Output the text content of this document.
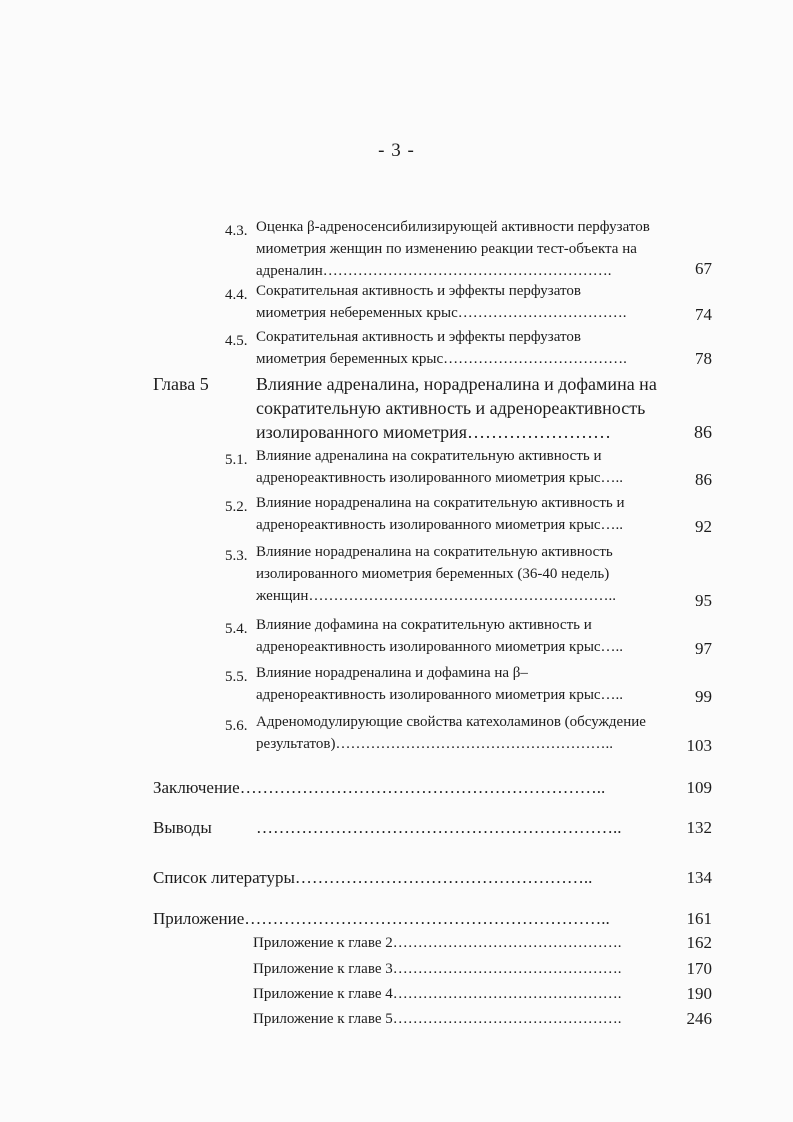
- 3 -
4.3. Оценка β-адреносенсибилизирующей активности перфузатов
миометрия женщин по изменению реакции тест-объекта на
адреналин………………………………………………….	67
4.4. Сократительная активность и эффекты перфузатов
миометрия небеременных крыс…………………………….	74
4.5. Сократительная активность и эффекты перфузатов
миометрия беременных крыс……………………………….	78
Глава 5	Влияние адреналина, норадреналина и дофамина на
сократительную активность и адренореактивность
изолированного миометрия……………………	86
5.1. Влияние адреналина на сократительную активность и
адренореактивность изолированного миометрия крыс…..	86
5.2. Влияние норадреналина на сократительную активность и
адренореактивность изолированного миометрия крыс…..	92
5.3. Влияние норадреналина на сократительную активность
изолированного миометрия беременных (36-40 недель)
женщин……………………………………………………..	95
5.4. Влияние дофамина на сократительную активность и
адренореактивность изолированного миометрия крыс…..	97
5.5. Влияние норадреналина и дофамина на β–
адренореактивность изолированного миометрия крыс…..	99
5.6. Адреномодулирующие свойства катехоламинов (обсуждение
результатов)………………………………………………..	103
Заключение………………………………………………………..	109
Выводы	………………………………………………………..	132
Список литературы……………………………………………..	134
Приложение………………………………………………………..	161
Приложение к главе 2……………………………………….	162
Приложение к главе 3……………………………………….	170
Приложение к главе 4……………………………………….	190
Приложение к главе 5……………………………………….	246
